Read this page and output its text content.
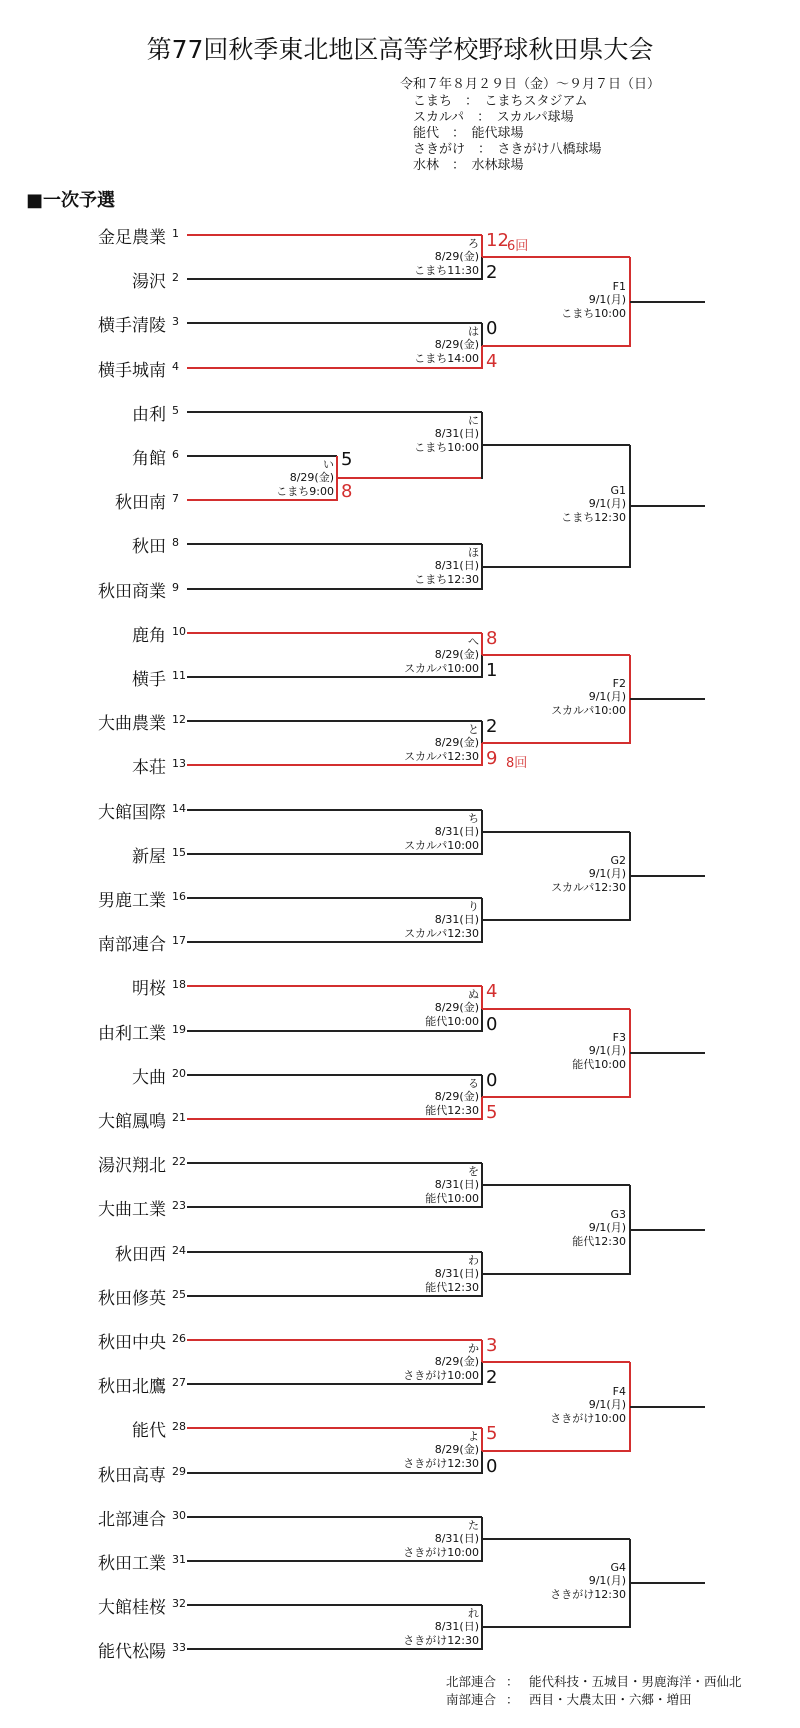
第77回秋季東北地区高等学校野球秋田県大会
令和７年８月２９日（金）～９月７日（日）
こまち　：　こまちスタジアム
スカルパ　：　スカルパ球場
能代　：　能代球場
さきがけ　：　さきがけ八橋球場
水林　：　水林球場
■一次予選
金足農業 1
湯沢 2
横手清陵 3
横手城南 4
由利 5
角館 6
秋田南 7
秋田 8
秋田商業 9
鹿角 10
横手 11
大曲農業 12
本荘 13
大館国際 14
新屋 15
男鹿工業 16
南部連合 17
明桜 18
由利工業 19
大曲 20
大館鳳鳴 21
湯沢翔北 22
大曲工業 23
秋田西 24
秋田修英 25
秋田中央 26
秋田北鷹 27
能代 28
秋田高専 29
北部連合 30
秋田工業 31
大館桂桜 32
能代松陽 33
い
8/29(金)
こまち9:00
5
8
ろ
8/29(金)
こまち11:30
12
2
6回
は
8/29(金)
こまち14:00
0
4
に
8/31(日)
こまち10:00
ほ
8/31(日)
こまち12:30
へ
8/29(金)
スカルパ10:00
8
1
と
8/29(金)
スカルパ12:30
2
9 8回
ち
8/31(日)
スカルパ10:00
り
8/31(日)
スカルパ12:30
ぬ
8/29(金)
能代10:00
4
0
る
8/29(金)
能代12:30
0
5
を
8/31(日)
能代10:00
わ
8/31(日)
能代12:30
か
8/29(金)
さきがけ10:00
3
2
よ
8/29(金)
さきがけ12:30
5
0
た
8/31(日)
さきがけ10:00
れ
8/31(日)
さきがけ12:30
F1
9/1(月)
こまち10:00
G1
9/1(月)
こまち12:30
F2
9/1(月)
スカルパ10:00
G2
9/1(月)
スカルパ12:30
F3
9/1(月)
能代10:00
G3
9/1(月)
能代12:30
F4
9/1(月)
さきがけ10:00
G4
9/1(月)
さきがけ12:30
北部連合 ： 能代科技・五城目・男鹿海洋・西仙北
南部連合 ： 西目・大農太田・六郷・増田
